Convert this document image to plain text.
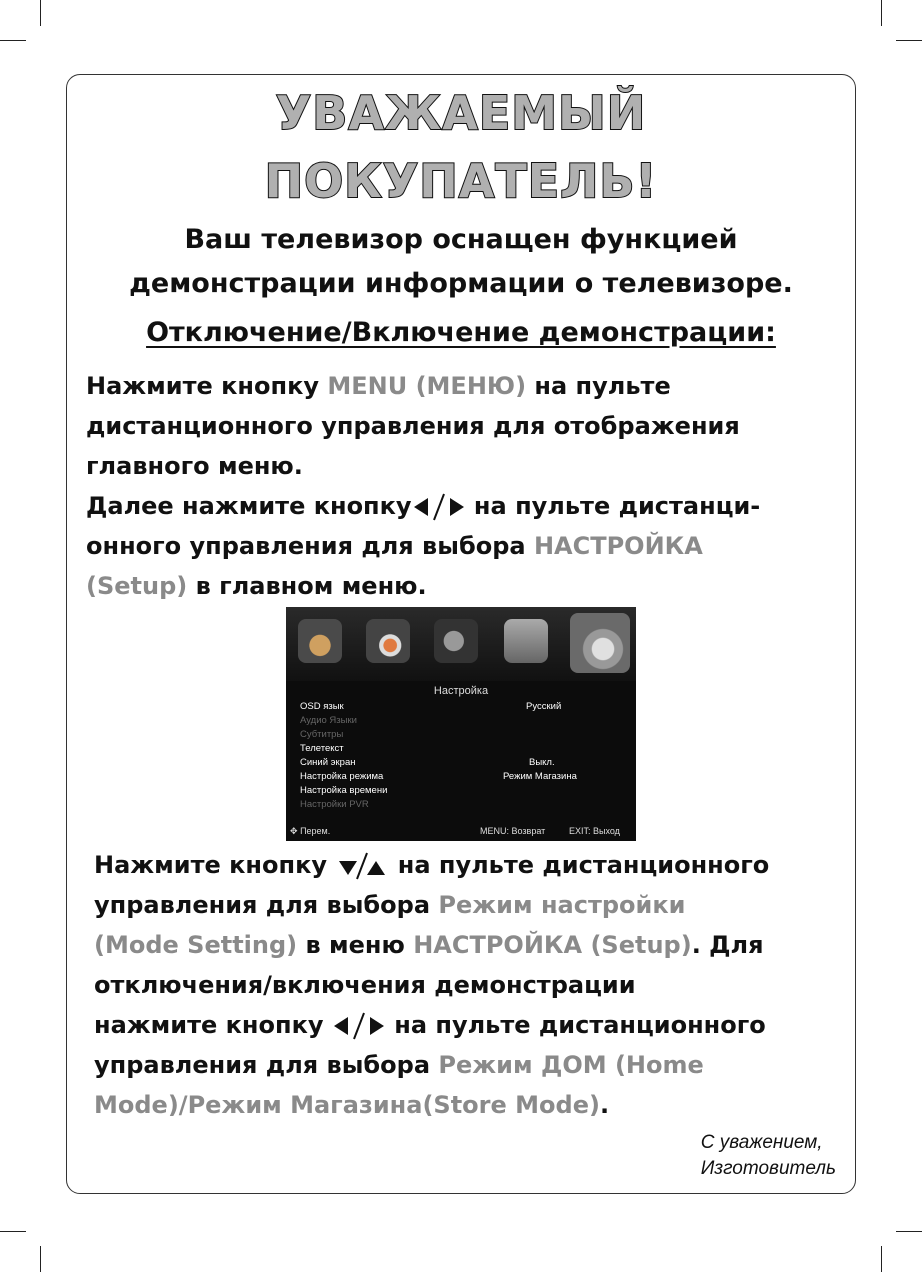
УВАЖАЕМЫЙ
ПОКУПАТЕЛЬ!
Ваш телевизор оснащен функцией
демонстрации информации о телевизоре.
Отключение/Включение демонстрации:
Нажмите кнопку MENU (МЕНЮ) на пульте
дистанционного управления для отображения
главного меню.
Далее нажмите кнопку на пульте дистанци-
онного управления для выбора НАСТРОЙКА
(Setup) в главном меню.
Настройка
OSD язык	Русский
Аудио Языки
Субтитры
Телетекст
Синий экран	Выкл.
Настройка режима	Режим Магазина
Настройка времени
Настройки PVR
✥ Перем.	MENU: Возврат	EXIT: Выход
Нажмите кнопку	на пульте дистанционного
управления для выбора Режим настройки
(Mode Setting) в меню НАСТРОЙКА (Setup). Для
отключения/включения демонстрации
нажмите кнопку	на пульте дистанционного
управления для выбора Режим ДОМ (Home
Mode)/Режим Магазина(Store Mode).
С уважением,
Изготовитель
